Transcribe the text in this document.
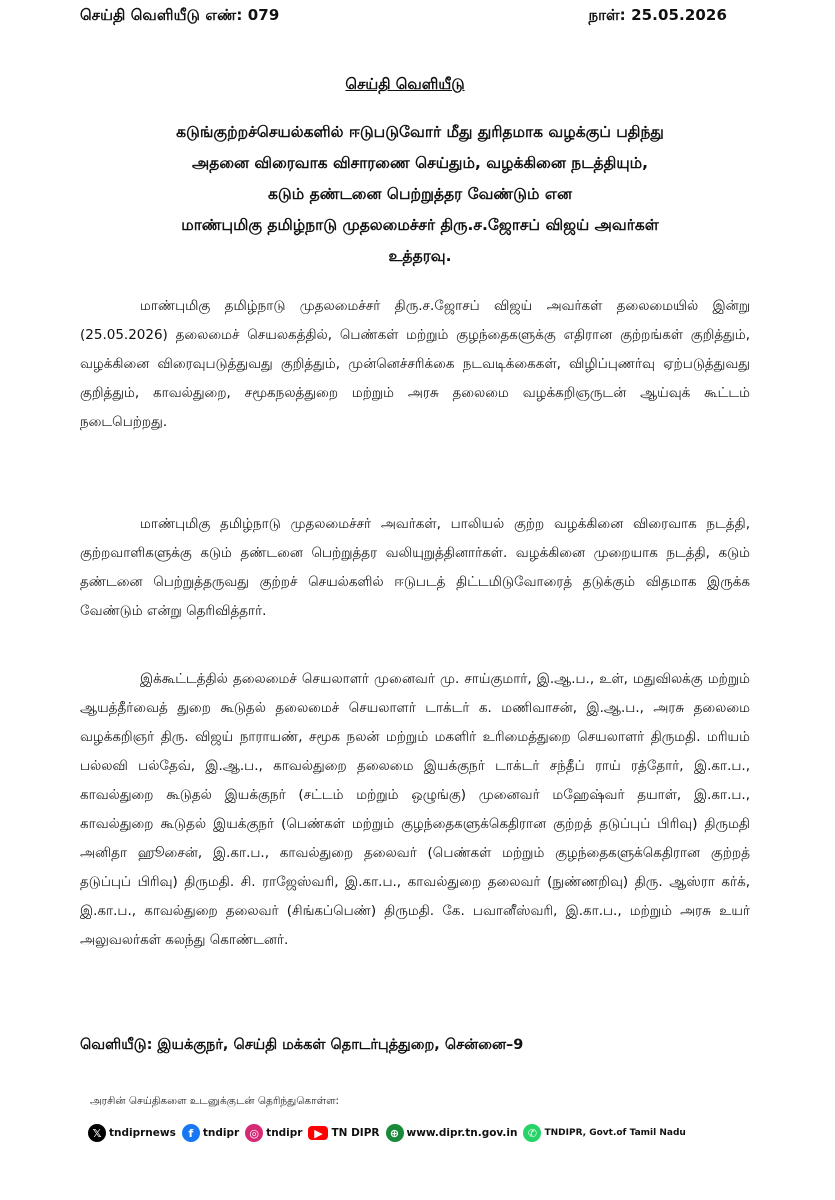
செய்தி வெளியீடு எண்: 079	நாள்: 25.05.2026
செய்தி வெளியீடு
கடுங்குற்றச்செயல்களில் ஈடுபடுவோர் மீது துரிதமாக வழக்குப் பதிந்து
அதனை விரைவாக விசாரணை செய்தும், வழக்கினை நடத்தியும்,
கடும் தண்டனை பெற்றுத்தர வேண்டும் என
மாண்புமிகு தமிழ்நாடு முதலமைச்சர் திரு.ச.ஜோசப் விஜய் அவர்கள்
உத்தரவு.

மாண்புமிகு தமிழ்நாடு முதலமைச்சர் திரு.ச.ஜோசப் விஜய் அவர்கள் தலைமையில் இன்று (25.05.2026) தலைமைச் செயலகத்தில், பெண்கள் மற்றும் குழந்தைகளுக்கு எதிரான குற்றங்கள் குறித்தும், வழக்கினை விரைவுபடுத்துவது குறித்தும், முன்னெச்சரிக்கை நடவடிக்கைகள், விழிப்புணர்வு ஏற்படுத்துவது குறித்தும், காவல்துறை, சமூகநலத்துறை மற்றும் அரசு தலைமை வழக்கறிஞருடன் ஆய்வுக் கூட்டம் நடைபெற்றது.

மாண்புமிகு தமிழ்நாடு முதலமைச்சர் அவர்கள், பாலியல் குற்ற வழக்கினை விரைவாக நடத்தி, குற்றவாளிகளுக்கு கடும் தண்டனை பெற்றுத்தர வலியுறுத்தினார்கள். வழக்கினை முறையாக நடத்தி, கடும் தண்டனை பெற்றுத்தருவது குற்றச் செயல்களில் ஈடுபடத் திட்டமிடுவோரைத் தடுக்கும் விதமாக இருக்க வேண்டும் என்று தெரிவித்தார்.

இக்கூட்டத்தில் தலைமைச் செயலாளர் முனைவர் மு. சாய்குமார், இ.ஆ.ப., உள், மதுவிலக்கு மற்றும் ஆயத்தீர்வைத் துறை கூடுதல் தலைமைச் செயலாளர் டாக்டர் க. மணிவாசன், இ.ஆ.ப., அரசு தலைமை வழக்கறிஞர் திரு. விஜய் நாராயண், சமூக நலன் மற்றும் மகளிர் உரிமைத்துறை செயலாளர் திருமதி. மரியம் பல்லவி பல்தேவ், இ.ஆ.ப., காவல்துறை தலைமை இயக்குநர் டாக்டர் சந்தீப் ராய் ரத்தோர், இ.கா.ப., காவல்துறை கூடுதல் இயக்குநர் (சட்டம் மற்றும் ஒழுங்கு) முனைவர் மஹேஷ்வர் தயாள், இ.கா.ப., காவல்துறை கூடுதல் இயக்குநர் (பெண்கள் மற்றும் குழந்தைகளுக்கெதிரான குற்றத் தடுப்புப் பிரிவு) திருமதி அனிதா ஹூசைன், இ.கா.ப., காவல்துறை தலைவர் (பெண்கள் மற்றும் குழந்தைகளுக்கெதிரான குற்றத் தடுப்புப் பிரிவு) திருமதி. சி. ராஜேஸ்வரி, இ.கா.ப., காவல்துறை தலைவர் (நுண்ணறிவு) திரு. ஆஸ்ரா கர்க், இ.கா.ப., காவல்துறை தலைவர் (சிங்கப்பெண்) திருமதி. கே. பவானீஸ்வரி, இ.கா.ப., மற்றும் அரசு உயர் அலுவலர்கள் கலந்து கொண்டனர்.

வெளியீடு: இயக்குநர், செய்தி மக்கள் தொடர்புத்துறை, சென்னை–9
அரசின் செய்திகளை உடனுக்குடன் தெரிந்துகொள்ள:
𝕏 tndiprnews	f tndipr ◎ tndipr	▶ TN DIPR ⊕ www.dipr.tn.gov.in ✆ TNDIPR, Govt.of Tamil Nadu
